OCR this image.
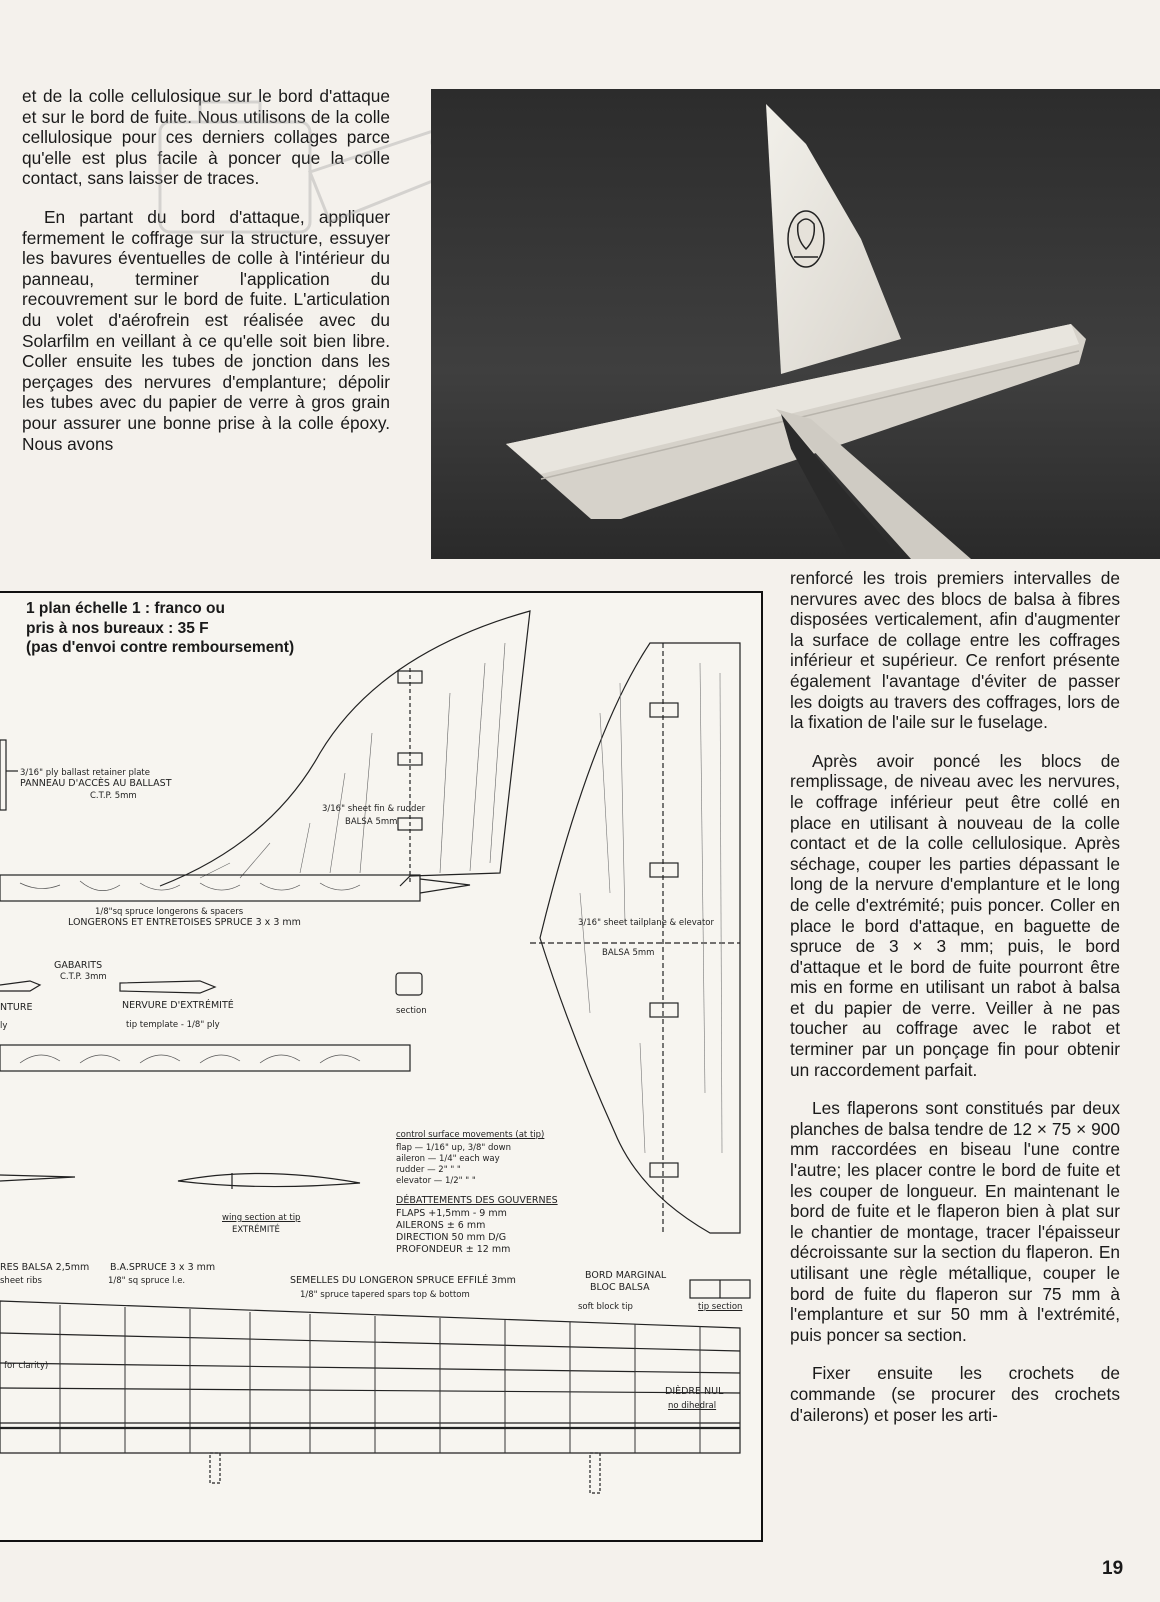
et de la colle cellulosique sur le bord d'attaque et sur le bord de fuite. Nous utilisons de la colle cellulosique pour ces derniers collages parce qu'elle est plus facile à poncer que la colle contact, sans laisser de traces.

En partant du bord d'attaque, appliquer fermement le coffrage sur la structure, essuyer les bavures éventuelles de colle à l'intérieur du panneau, terminer l'application du recouvrement sur le bord de fuite. L'articulation du volet d'aérofrein est réalisée avec du Solarfilm en veillant à ce qu'elle soit bien libre. Coller ensuite les tubes de jonction dans les perçages des nervures d'emplanture; dépolir les tubes avec du papier de verre à gros grain pour assurer une bonne prise à la colle époxy. Nous avons

1 plan échelle 1 : franco ou
pris à nos bureaux : 35 F
(pas d'envoi contre remboursement)
3/16" ply ballast retainer plate
PANNEAU D'ACCÈS AU BALLAST
C.T.P. 5mm
3/16" sheet fin & rudder
BALSA 5mm
1/8"sq spruce longerons & spacers
LONGERONS ET ENTRETOISES SPRUCE 3 x 3 mm
GABARITS
C.T.P. 3mm
NTURE
ly
NERVURE D'EXTRÉMITÉ
tip template - 1/8" ply
section
3/16" sheet tailplane & elevator
BALSA 5mm
control surface movements (at tip)
flap — 1/16" up, 3/8" down
aileron — 1/4" each way
rudder — 2" " "
elevator — 1/2" " "
DÉBATTEMENTS DES GOUVERNES
FLAPS +1,5mm - 9 mm
AILERONS ± 6 mm
DIRECTION 50 mm D/G
PROFONDEUR ± 12 mm
wing section at tip
EXTRÉMITÉ
RES BALSA 2,5mm B.A.SPRUCE 3 x 3 mm
sheet ribs	1/8" sq spruce l.e.	SEMELLES DU LONGERON SPRUCE EFFILÉ 3mm
1/8" spruce tapered spars top & bottom
BORD MARGINAL
BLOC BALSA
soft block tip	tip section
for clarity)
DIÈDRE NUL
no dihedral

renforcé les trois premiers intervalles de nervures avec des blocs de balsa à fibres disposées verticalement, afin d'augmenter la surface de collage entre les coffrages inférieur et supérieur. Ce renfort présente également l'avantage d'éviter de passer les doigts au travers des coffrages, lors de la fixation de l'aile sur le fuselage.

Après avoir poncé les blocs de remplissage, de niveau avec les nervures, le coffrage inférieur peut être collé en place en utilisant à nouveau de la colle contact et de la colle cellulosique. Après séchage, couper les parties dépassant le long de la nervure d'emplanture et le long de celle d'extrémité; puis poncer. Coller en place le bord d'attaque, en baguette de spruce de 3 × 3 mm; puis, le bord d'attaque et le bord de fuite pourront être mis en forme en utilisant un rabot à balsa et du papier de verre. Veiller à ne pas toucher au coffrage avec le rabot et terminer par un ponçage fin pour obtenir un raccordement parfait.

Les flaperons sont constitués par deux planches de balsa tendre de 12 × 75 × 900 mm raccordées en biseau l'une contre l'autre; les placer contre le bord de fuite et les couper de longueur. En maintenant le bord de fuite et le flaperon bien à plat sur le chantier de montage, tracer l'épaisseur décroissante sur la section du flaperon. En utilisant une règle métallique, couper le bord de fuite du flaperon sur 75 mm à l'emplanture et sur 50 mm à l'extrémité, puis poncer sa section.

Fixer ensuite les crochets de commande (se procurer des crochets d'ailerons) et poser les arti-

19
